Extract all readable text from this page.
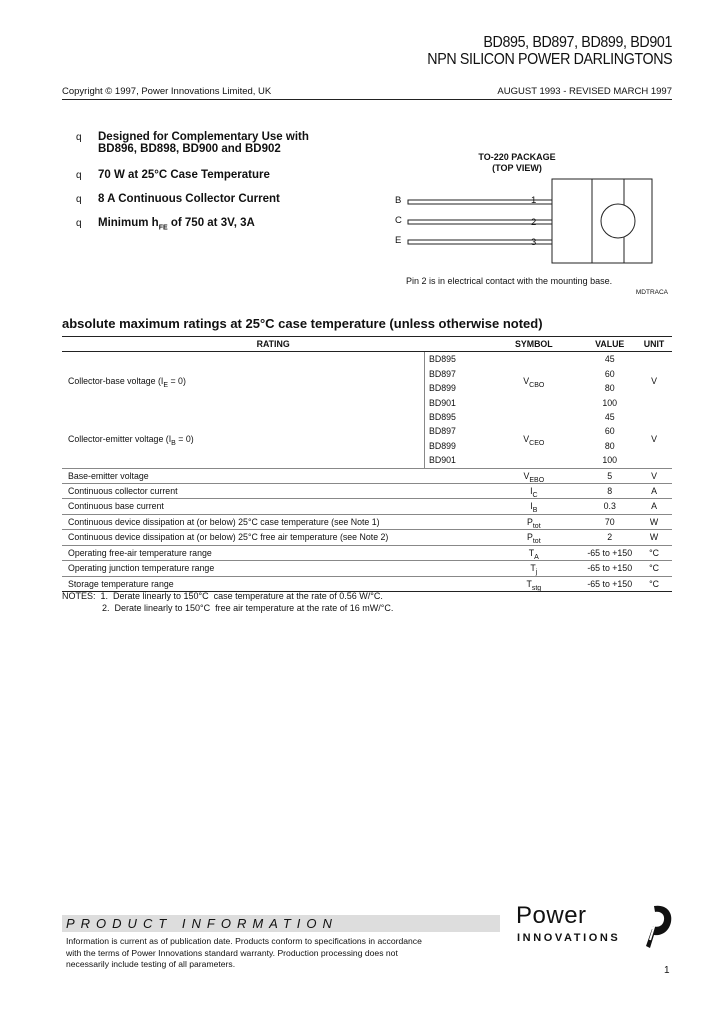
BD895, BD897, BD899, BD901
NPN SILICON POWER DARLINGTONS
Copyright © 1997, Power Innovations Limited, UK	AUGUST 1993 - REVISED MARCH 1997
q Designed for Complementary Use with
BD896, BD898, BD900 and BD902
q 70 W at 25°C Case Temperature
q 8 A Continuous Collector Current
q Minimum $h_{FE}$ of 750 at 3V, 3A
TO-220 PACKAGE
(TOP VIEW)
B
C
E
1
2
3
Pin 2 is in electrical contact with the mounting base.
MDTRACA
absolute maximum ratings at 25°C case temperature (unless otherwise noted)
RATING		SYMBOL	VALUE	UNIT
Collector-base voltage $(I_E = 0)$	BD895	$V_{CBO}$	45	V
	BD897		60	
	BD899		80	
	BD901		100	
Collector-emitter voltage $(I_B = 0)$	BD895	$V_{CEO}$	45	V
	BD897		60	
	BD899		80	
	BD901		100	
Base-emitter voltage		$V_{EBO}$	5	V
Continuous collector current		$I_C$	8	A
Continuous base current		$I_B$	0.3	A
Continuous device dissipation at (or below) 25°C case temperature (see Note 1)		$P_{tot}$	70	W
Continuous device dissipation at (or below) 25°C free air temperature (see Note 2)		$P_{tot}$	2	W
Operating free-air temperature range		$T_A$	-65 to +150	°C
Operating junction temperature range		$T_j$	-65 to +150	°C
Storage temperature range		$T_{stg}$	-65 to +150	°C
NOTES:  1.  Derate linearly to 150°C  case temperature at the rate of 0.56 W/°C.
2.  Derate linearly to 150°C  free air temperature at the rate of 16 mW/°C.
PRODUCT INFORMATION
Information is current as of publication date. Products conform to specifications in accordance
with the terms of Power Innovations standard warranty. Production processing does not
necessarily include testing of all parameters.
Power
INNOVATIONS
1
